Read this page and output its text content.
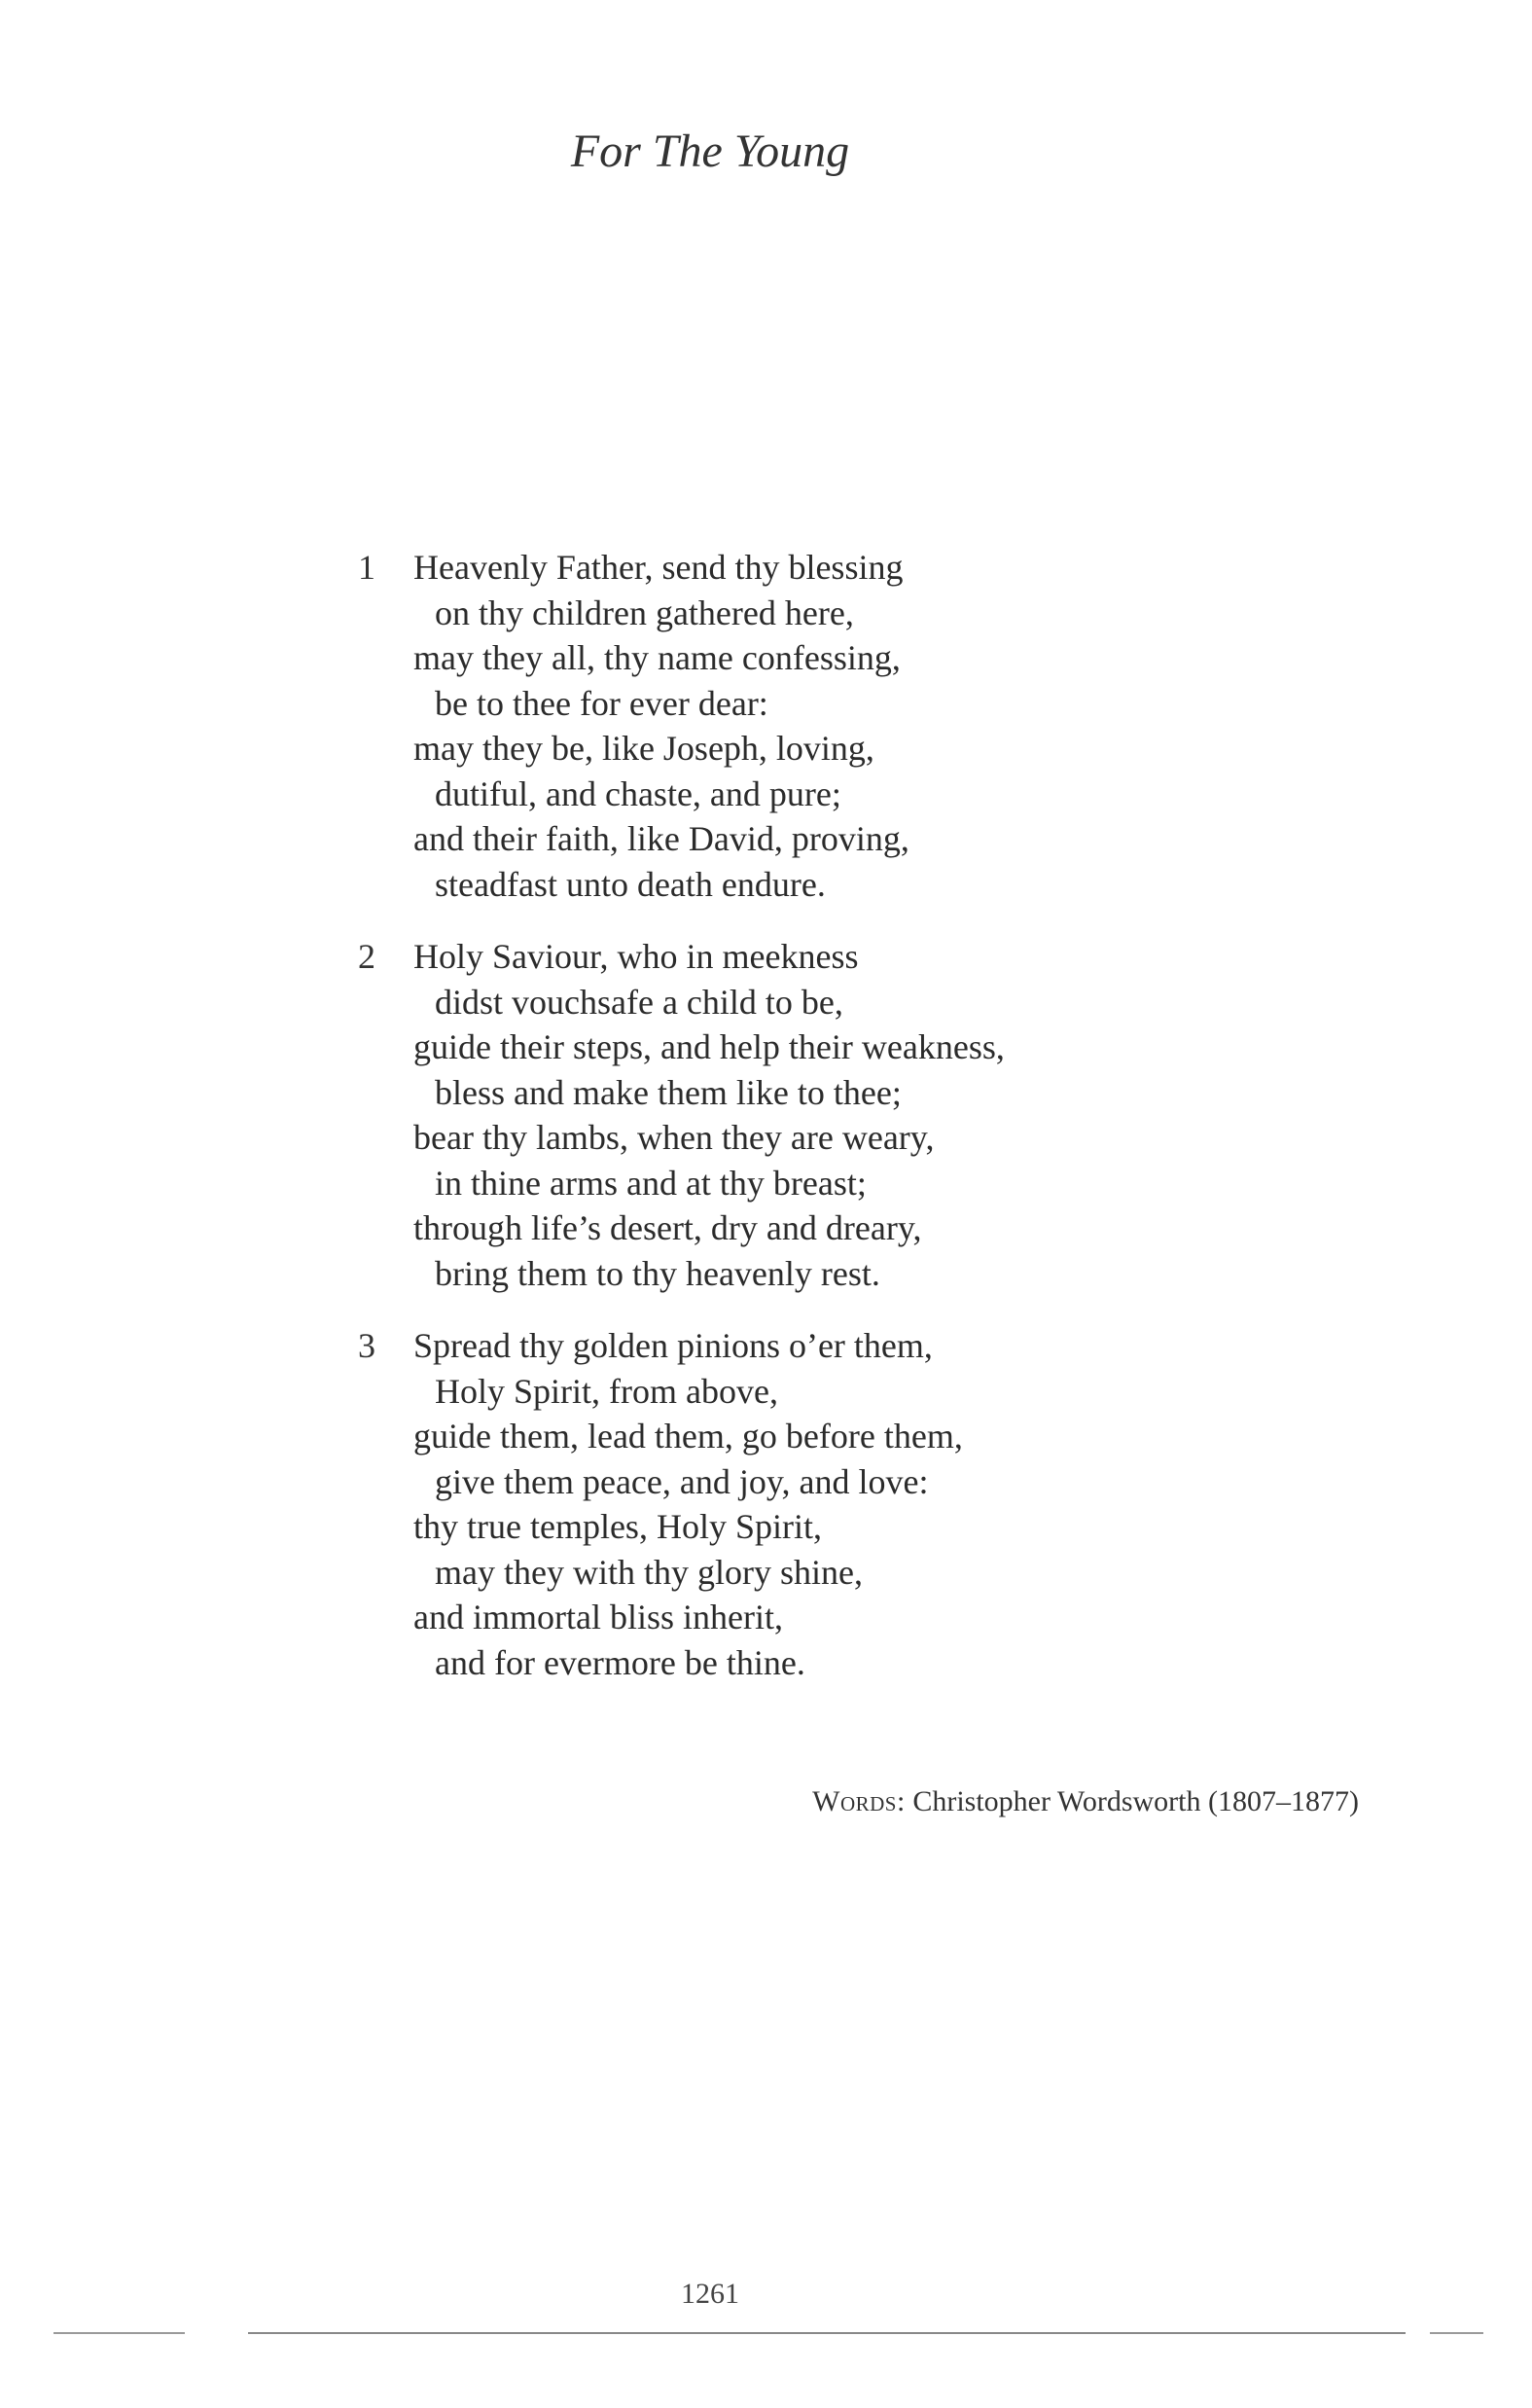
For The Young
1 Heavenly Father, send thy blessing
on thy children gathered here,
may they all, thy name confessing,
be to thee for ever dear:
may they be, like Joseph, loving,
dutiful, and chaste, and pure;
and their faith, like David, proving,
steadfast unto death endure.
2 Holy Saviour, who in meekness
didst vouchsafe a child to be,
guide their steps, and help their weakness,
bless and make them like to thee;
bear thy lambs, when they are weary,
in thine arms and at thy breast;
through life’s desert, dry and dreary,
bring them to thy heavenly rest.
3 Spread thy golden pinions o’er them,
Holy Spirit, from above,
guide them, lead them, go before them,
give them peace, and joy, and love:
thy true temples, Holy Spirit,
may they with thy glory shine,
and immortal bliss inherit,
and for evermore be thine.
Words: Christopher Wordsworth (1807–1877)
1261
